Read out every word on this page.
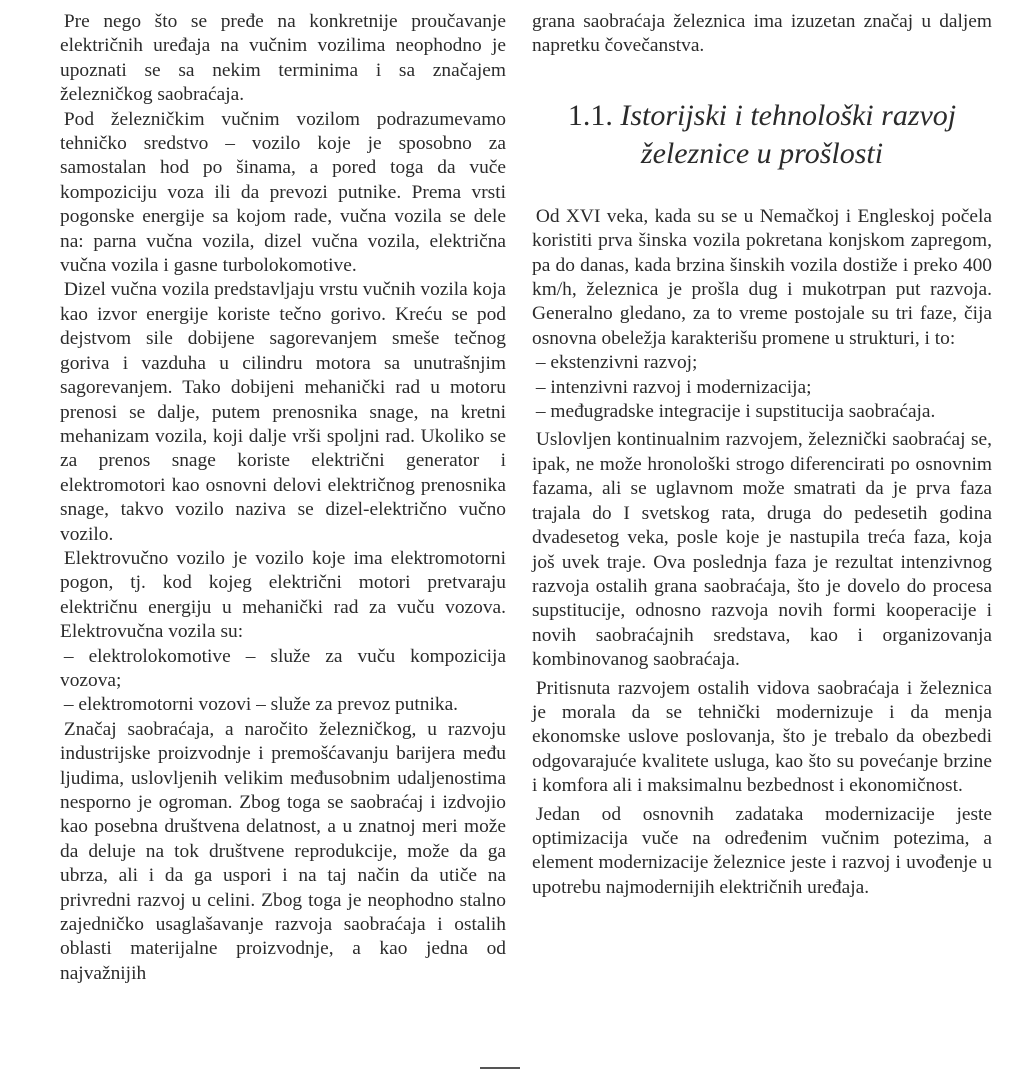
Pre nego što se pređe na konkretnije proučavanje električnih uređaja na vučnim vozilima neophodno je upoznati se sa nekim terminima i sa značajem železničkog saobraćaja.

Pod železničkim vučnim vozilom podrazumevamo tehničko sredstvo – vozilo koje je sposobno za samostalan hod po šinama, a pored toga da vuče kompoziciju voza ili da prevozi putnike. Prema vrsti pogonske energije sa kojom rade, vučna vozila se dele na: parna vučna vozila, dizel vučna vozila, električna vučna vozila i gasne turbolokomotive.

Dizel vučna vozila predstavljaju vrstu vučnih vozila koja kao izvor energije koriste tečno gorivo. Kreću se pod dejstvom sile dobijene sagorevanjem smeše tečnog goriva i vazduha u cilindru motora sa unutrašnjim sagorevanjem. Tako dobijeni mehanički rad u motoru prenosi se dalje, putem prenosnika snage, na kretni mehanizam vozila, koji dalje vrši spoljni rad. Ukoliko se za prenos snage koriste električni generator i elektromotori kao osnovni delovi električnog prenosnika snage, takvo vozilo naziva se dizel-električno vučno vozilo.

Elektrovučno vozilo je vozilo koje ima elektromotorni pogon, tj. kod kojeg električni motori pretvaraju električnu energiju u mehanički rad za vuču vozova. Elektrovučna vozila su:

– elektrolokomotive – služe za vuču kompozicija vozova;

– elektromotorni vozovi – služe za prevoz putnika.

Značaj saobraćaja, a naročito železničkog, u razvoju industrijske proizvodnje i premošćavanju barijera među ljudima, uslovljenih velikim međusobnim udaljenostima nesporno je ogroman. Zbog toga se saobraćaj i izdvojio kao posebna društvena delatnost, a u znatnoj meri može da deluje na tok društvene reprodukcije, može da ga ubrza, ali i da ga uspori i na taj način da utiče na privredni razvoj u celini. Zbog toga je neophodno stalno zajedničko usaglašavanje razvoja saobraćaja i ostalih oblasti materijalne proizvodnje, a kao jedna od najvažnijih

grana saobraćaja železnica ima izuzetan značaj u daljem napretku čovečanstva.

1.1. Istorijski i tehnološki razvoj
železnice u prošlosti

Od XVI veka, kada su se u Nemačkoj i Engleskoj počela koristiti prva šinska vozila pokretana konjskom zapregom, pa do danas, kada brzina šinskih vozila dostiže i preko 400 km/h, železnica je prošla dug i mukotrpan put razvoja. Generalno gledano, za to vreme postojale su tri faze, čija osnovna obeležja karakterišu promene u strukturi, i to:

– ekstenzivni razvoj;

– intenzivni razvoj i modernizacija;

– međugradske integracije i supstitucija saobraćaja.

Uslovljen kontinualnim razvojem, železnički saobraćaj se, ipak, ne može hronološki strogo diferencirati po osnovnim fazama, ali se uglavnom može smatrati da je prva faza trajala do I svetskog rata, druga do pedesetih godina dvadesetog veka, posle koje je nastupila treća faza, koja još uvek traje. Ova poslednja faza je rezultat intenzivnog razvoja ostalih grana saobraćaja, što je dovelo do procesa supstitucije, odnosno razvoja novih formi kooperacije i novih saobraćajnih sredstava, kao i organizovanja kombinovanog saobraćaja.

Pritisnuta razvojem ostalih vidova saobraćaja i železnica je morala da se tehnički modernizuje i da menja ekonomske uslove poslovanja, što je trebalo da obezbedi odgovarajuće kvalitete usluga, kao što su povećanje brzine i komfora ali i maksimalnu bezbednost i ekonomičnost.

Jedan od osnovnih zadataka modernizacije jeste optimizacija vuče na određenim vučnim potezima, a element modernizacije železnice jeste i razvoj i uvođenje u upotrebu najmodernijih električnih uređaja.
